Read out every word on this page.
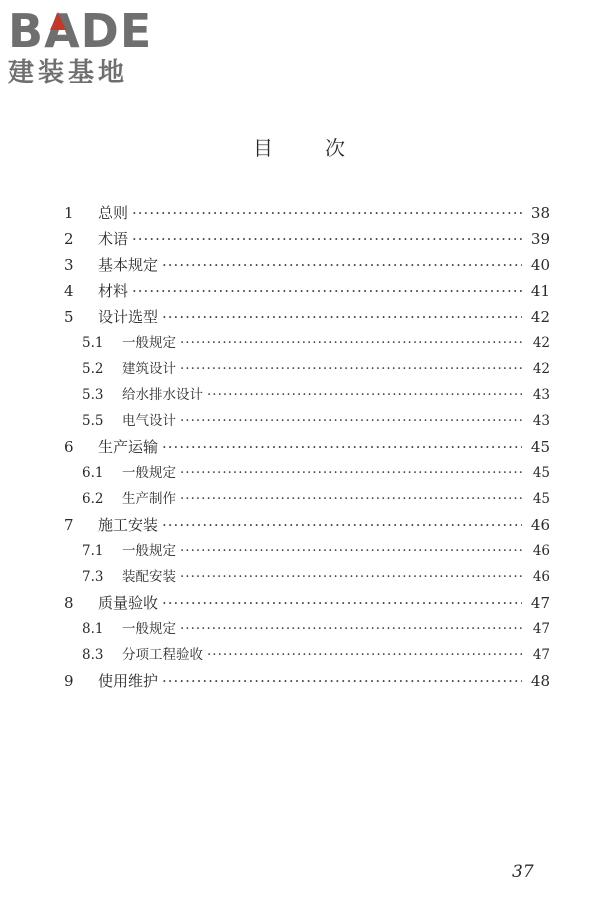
BA
DE
建装基地
目	次
1	总则 ·····	38
2	术语 ·····	39
3	基本规定 ·····	40
4	材料 ·····	41
5	设计选型 ·····	42
5.1	一般规定 ·····	42
5.2	建筑设计 ·····	42
5.3	给水排水设计 ·····	43
5.5	电气设计 ·····	43
6	生产运输 ·····	45
6.1	一般规定 ·····	45
6.2	生产制作 ·····	45
7	施工安装 ·····	46
7.1	一般规定 ·····	46
7.3	装配安装 ·····	46
8	质量验收 ·····	47
8.1	一般规定 ·····	47
8.3	分项工程验收 ·····	47
9	使用维护 ·····	48
37
